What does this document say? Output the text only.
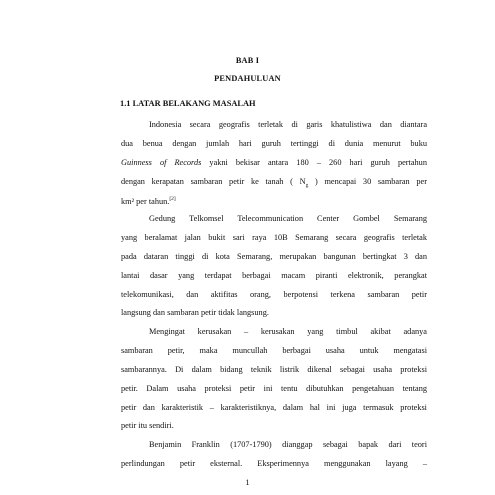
BAB I
PENDAHULUAN
1.1 LATAR BELAKANG MASALAH
Indonesia secara geografis terletak di garis khatulistiwa dan diantara
dua benua dengan jumlah hari guruh tertinggi di dunia menurut buku
Guinness of Records yakni bekisar antara 180 – 260 hari guruh pertahun
dengan kerapatan sambaran petir ke tanah ( $N_g$ ) mencapai 30 sambaran per
km² per tahun.[2]
Gedung Telkomsel Telecommunication Center Gombel Semarang
yang beralamat jalan bukit sari raya 10B Semarang secara geografis terletak
pada dataran tinggi di kota Semarang, merupakan bangunan bertingkat 3 dan
lantai dasar yang terdapat berbagai macam piranti elektronik, perangkat
telekomunikasi, dan aktifitas orang, berpotensi terkena sambaran petir
langsung dan sambaran petir tidak langsung.
Mengingat kerusakan – kerusakan yang timbul akibat adanya
sambaran petir, maka muncullah berbagai usaha untuk mengatasi
sambarannya. Di dalam bidang teknik listrik dikenal sebagai usaha proteksi
petir. Dalam usaha proteksi petir ini tentu dibutuhkan pengetahuan tentang
petir dan karakteristik – karakteristiknya, dalam hal ini juga termasuk proteksi
petir itu sendiri.
Benjamin Franklin (1707-1790) dianggap sebagai bapak dari teori
perlindungan petir eksternal. Eksperimennya menggunakan layang –
1
